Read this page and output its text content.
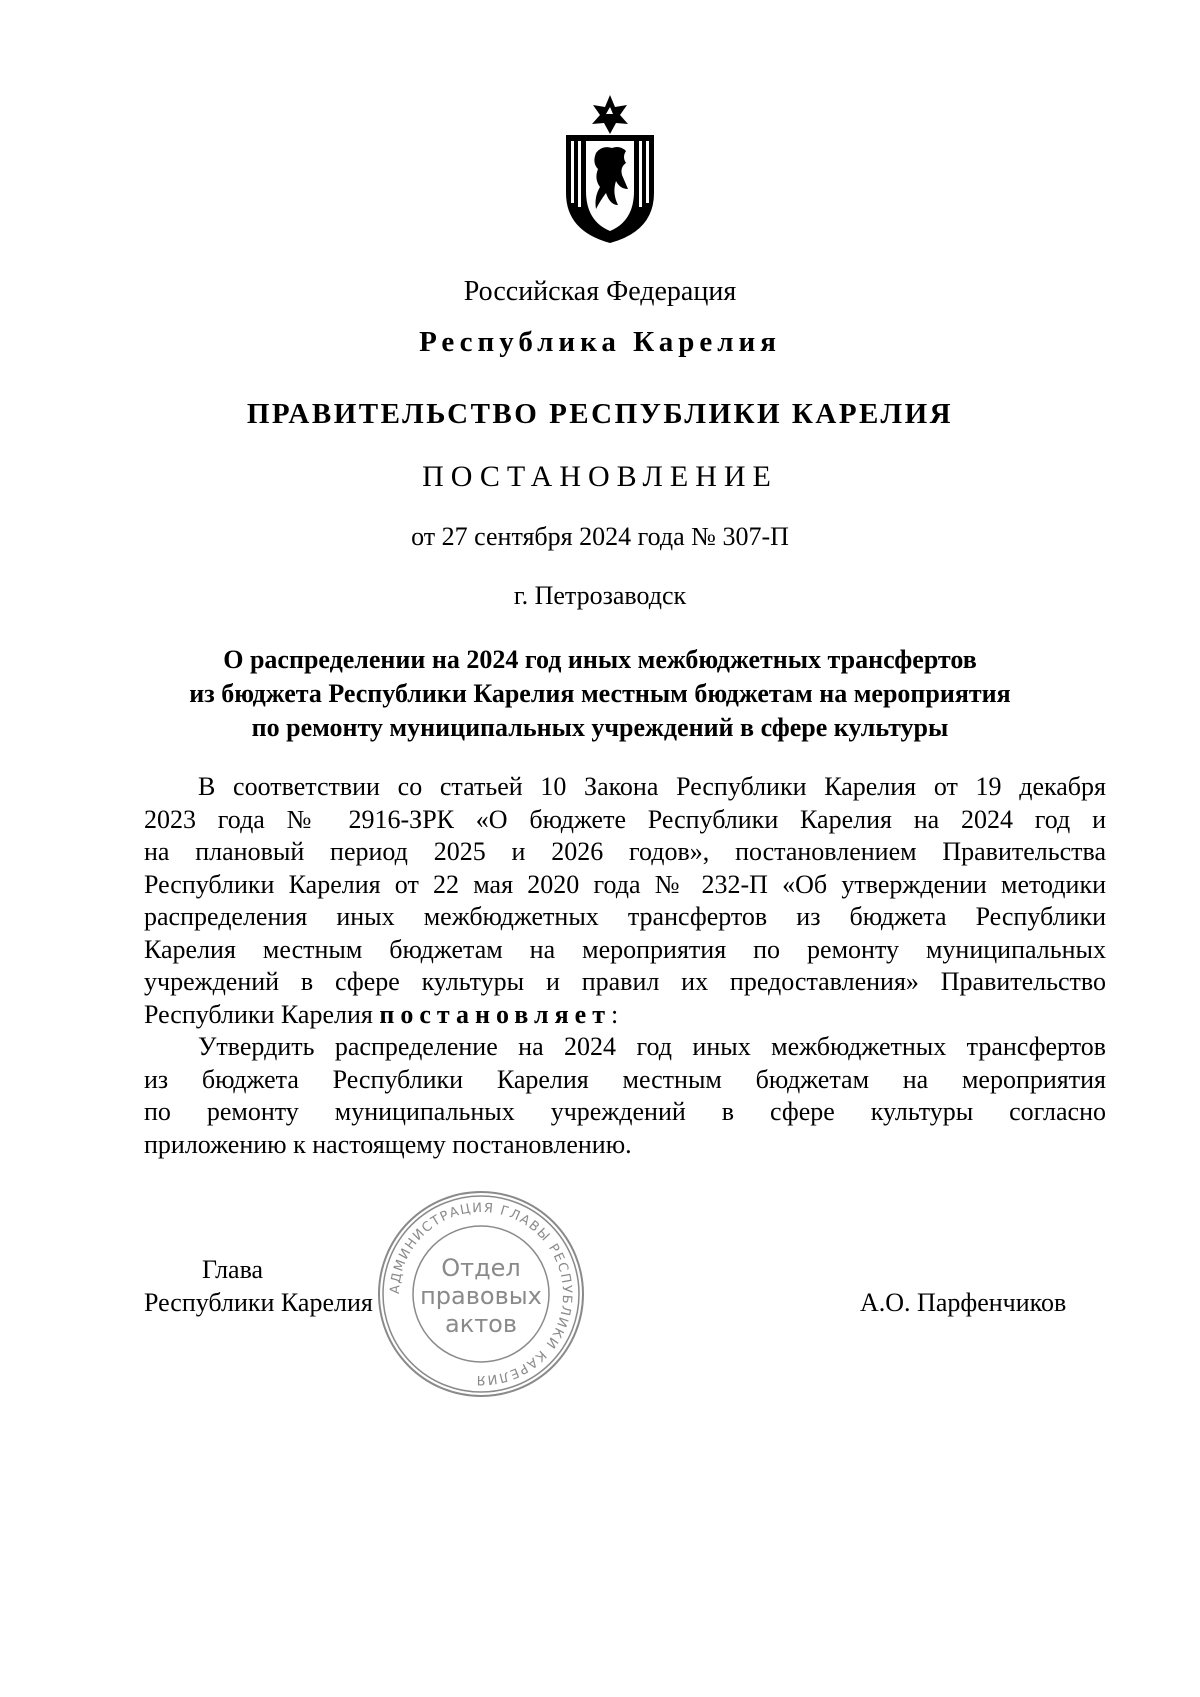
Российская Федерация
Республика Карелия
ПРАВИТЕЛЬСТВО РЕСПУБЛИКИ КАРЕЛИЯ
ПОСТАНОВЛЕНИЕ
от 27 сентября 2024 года № 307-П
г. Петрозаводск
О распределении на 2024 год иных межбюджетных трансфертов
из бюджета Республики Карелия местным бюджетам на мероприятия
по ремонту муниципальных учреждений в сфере культуры
В соответствии со статьей 10 Закона Республики Карелия от 19 декабря
2023 года № 2916-ЗРК «О бюджете Республики Карелия на 2024 год и
на плановый период 2025 и 2026 годов», постановлением Правительства
Республики Карелия от 22 мая 2020 года № 232-П «Об утверждении методики
распределения иных межбюджетных трансфертов из бюджета Республики
Карелия местным бюджетам на мероприятия по ремонту муниципальных
учреждений в сфере культуры и правил их предоставления» Правительство
Республики Карелия постановляет:
Утвердить распределение на 2024 год иных межбюджетных трансфертов
из бюджета Республики Карелия местным бюджетам на мероприятия
по ремонту муниципальных учреждений в сфере культуры согласно
приложению к настоящему постановлению.
Глава
Республики Карелия	А.О. Парфенчиков
АДМИНИСТРАЦИЯ ГЛАВЫ РЕСПУБЛИКИ КАРЕЛИЯ
Отдел
правовых
актов
